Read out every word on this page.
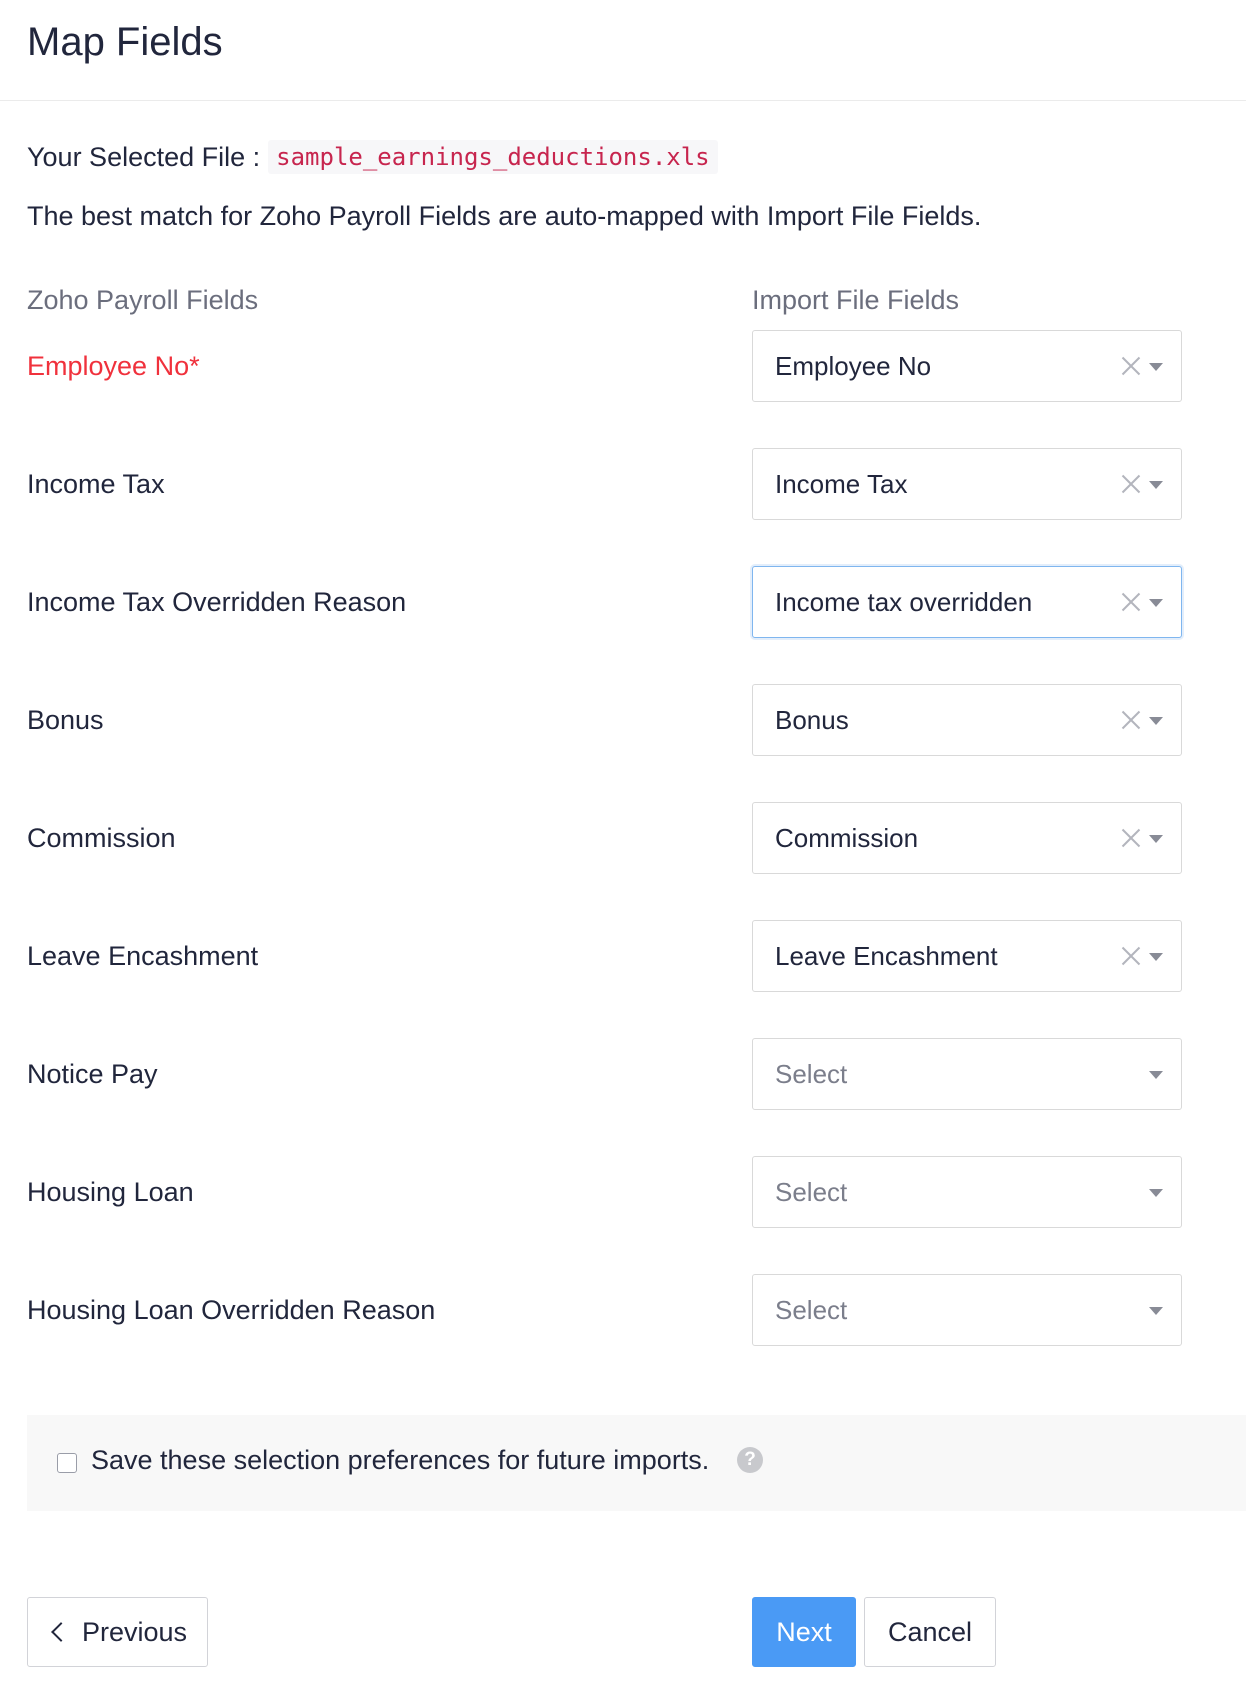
Map Fields
Your Selected File : sample_earnings_deductions.xls
The best match for Zoho Payroll Fields are auto-mapped with Import File Fields.
Zoho Payroll Fields	Import File Fields
Employee No*	Employee No
Income Tax	Income Tax
Income Tax Overridden Reason	Income tax overridden
Bonus	Bonus
Commission	Commission
Leave Encashment	Leave Encashment
Notice Pay	Select
Housing Loan	Select
Housing Loan Overridden Reason	Select
Save these selection preferences for future imports.	?
Previous	Next	Cancel
